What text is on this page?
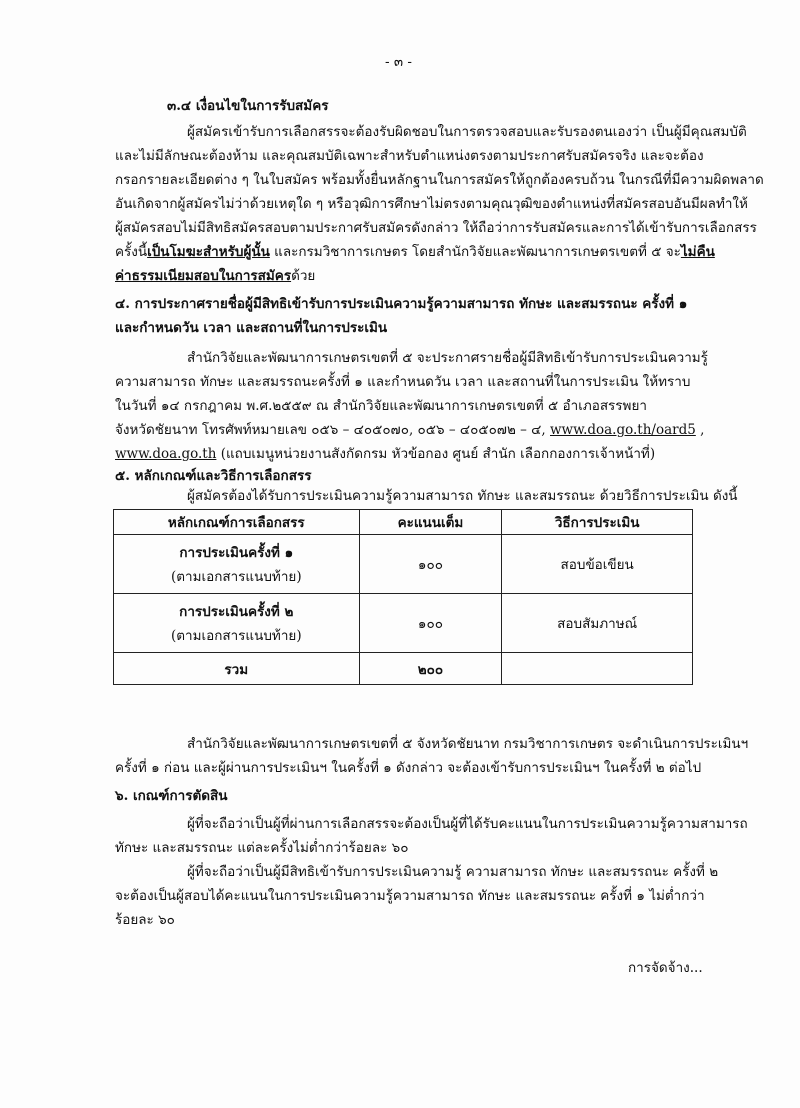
- ๓ -
๓.๔ เงื่อนไขในการรับสมัคร
ผู้สมัครเข้ารับการเลือกสรรจะต้องรับผิดชอบในการตรวจสอบและรับรองตนเองว่า เป็นผู้มีคุณสมบัติ
และไม่มีลักษณะต้องห้าม และคุณสมบัติเฉพาะสำหรับตำแหน่งตรงตามประกาศรับสมัครจริง และจะต้อง
กรอกรายละเอียดต่าง ๆ ในใบสมัคร พร้อมทั้งยื่นหลักฐานในการสมัครให้ถูกต้องครบถ้วน ในกรณีที่มีความผิดพลาด
อันเกิดจากผู้สมัครไม่ว่าด้วยเหตุใด ๆ หรือวุฒิการศึกษาไม่ตรงตามคุณวุฒิของตำแหน่งที่สมัครสอบอันมีผลทำให้
ผู้สมัครสอบไม่มีสิทธิสมัครสอบตามประกาศรับสมัครดังกล่าว ให้ถือว่าการรับสมัครและการได้เข้ารับการเลือกสรร
ครั้งนี้เป็นโมฆะสำหรับผู้นั้น และกรมวิชาการเกษตร โดยสำนักวิจัยและพัฒนาการเกษตรเขตที่ ๕ จะไม่คืน
ค่าธรรมเนียมสอบในการสมัครด้วย
๔. การประกาศรายชื่อผู้มีสิทธิเข้ารับการประเมินความรู้ความสามารถ ทักษะ และสมรรถนะ ครั้งที่ ๑
และกำหนดวัน เวลา และสถานที่ในการประเมิน
สำนักวิจัยและพัฒนาการเกษตรเขตที่ ๕ จะประกาศรายชื่อผู้มีสิทธิเข้ารับการประเมินความรู้
ความสามารถ ทักษะ และสมรรถนะครั้งที่ ๑ และกำหนดวัน เวลา และสถานที่ในการประเมิน ให้ทราบ
ในวันที่ ๑๔ กรกฎาคม พ.ศ.๒๕๕๙ ณ สำนักวิจัยและพัฒนาการเกษตรเขตที่ ๕ อำเภอสรรพยา
จังหวัดชัยนาท โทรศัพท์หมายเลข ๐๕๖ – ๔๐๕๐๗๐, ๐๕๖ – ๔๐๕๐๗๒ – ๔, www.doa.go.th/oard5 ,
www.doa.go.th (แถบเมนูหน่วยงานสังกัดกรม หัวข้อกอง ศูนย์ สำนัก เลือกกองการเจ้าหน้าที่)
๕. หลักเกณฑ์และวิธีการเลือกสรร
ผู้สมัครต้องได้รับการประเมินความรู้ความสามารถ ทักษะ และสมรรถนะ ด้วยวิธีการประเมิน ดังนี้
หลักเกณฑ์การเลือกสรร	คะแนนเต็ม	วิธีการประเมิน
การประเมินครั้งที่ ๑
(ตามเอกสารแนบท้าย)	๑๐๐	สอบข้อเขียน
การประเมินครั้งที่ ๒
(ตามเอกสารแนบท้าย)	๑๐๐	สอบสัมภาษณ์
รวม	๒๐๐	
สำนักวิจัยและพัฒนาการเกษตรเขตที่ ๕ จังหวัดชัยนาท กรมวิชาการเกษตร จะดำเนินการประเมินฯ
ครั้งที่ ๑ ก่อน และผู้ผ่านการประเมินฯ ในครั้งที่ ๑ ดังกล่าว จะต้องเข้ารับการประเมินฯ ในครั้งที่ ๒ ต่อไป
๖. เกณฑ์การตัดสิน
ผู้ที่จะถือว่าเป็นผู้ที่ผ่านการเลือกสรรจะต้องเป็นผู้ที่ได้รับคะแนนในการประเมินความรู้ความสามารถ
ทักษะ และสมรรถนะ แต่ละครั้งไม่ต่ำกว่าร้อยละ ๖๐
ผู้ที่จะถือว่าเป็นผู้มีสิทธิเข้ารับการประเมินความรู้ ความสามารถ ทักษะ และสมรรถนะ ครั้งที่ ๒
จะต้องเป็นผู้สอบได้คะแนนในการประเมินความรู้ความสามารถ ทักษะ และสมรรถนะ ครั้งที่ ๑ ไม่ต่ำกว่า
ร้อยละ ๖๐
การจัดจ้าง...
